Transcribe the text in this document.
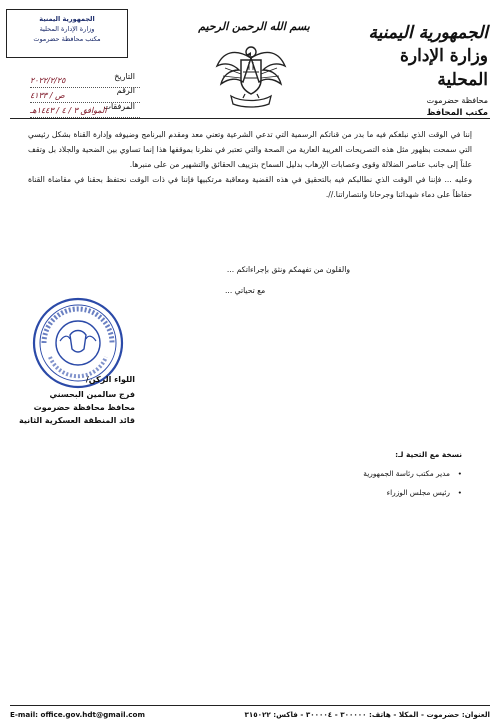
الجمهورية اليمنية
وزارة الإدارة المحلية
محافظة حضرموت
مكتب المحافظ
بسم الله الرحمن الرحيم
الجمهورية اليمنية
وزارة الإدارة المحلية
مكتب محافظة حضرموت
التاريخ
الرقم
المرفقات
٢٠٢٢/٢/٢٥
ص / ٤١٣٣
الموافق ٣ / ٤ / ١٤٤٣هـ

إننا في الوقت الذي نبلغكم فيه ما بدر من قناتكم الرسمية التي تدعي الشرعية وتعني معد ومقدم البرنامج وضيوفه وإدارة القناة بشكل رئيسي التي سمحت بظهور مثل هذه التصريحات الغريبة العارية من الصحة والتي تعتبر في نظرنا بموقفها هذا إنما تساوي بين الضحية والجلاد بل وتقف علناً إلى جانب عناصر الضلالة وقوى وعصابات الإرهاب بدليل السماح بتزييف الحقائق والتشهير من على منبرها.

وعليه ... فإننا في الوقت الذي نطالبكم فيه بالتحقيق في هذه القضية ومعاقبة مرتكبيها فإننا في ذات الوقت نحتفظ بحقنا في مقاضاة القناة حفاظاً على دماء شهدائنا وجرحانا وانتصاراتنا.//.

والقلون من تفهمكم ونثق بإجراءاتكم ...
مع تحياتي ...
اللواء الركن/
فرج سالمين البحسني
محافظ محافظة حضرموت
قائد المنطقة العسكرية الثانية
نسخة مع التحية لـ:
• مدير مكتب رئاسة الجمهورية
• رئيس مجلس الوزراء
العنوان: حضرموت - المكلا - هاتف: ٣٠٠٠٠٠ - ٣٠٠٠٠٤ - فاكس: ٣١٥٠٢٢
E-mail: office.gov.hdt@gmail.com
